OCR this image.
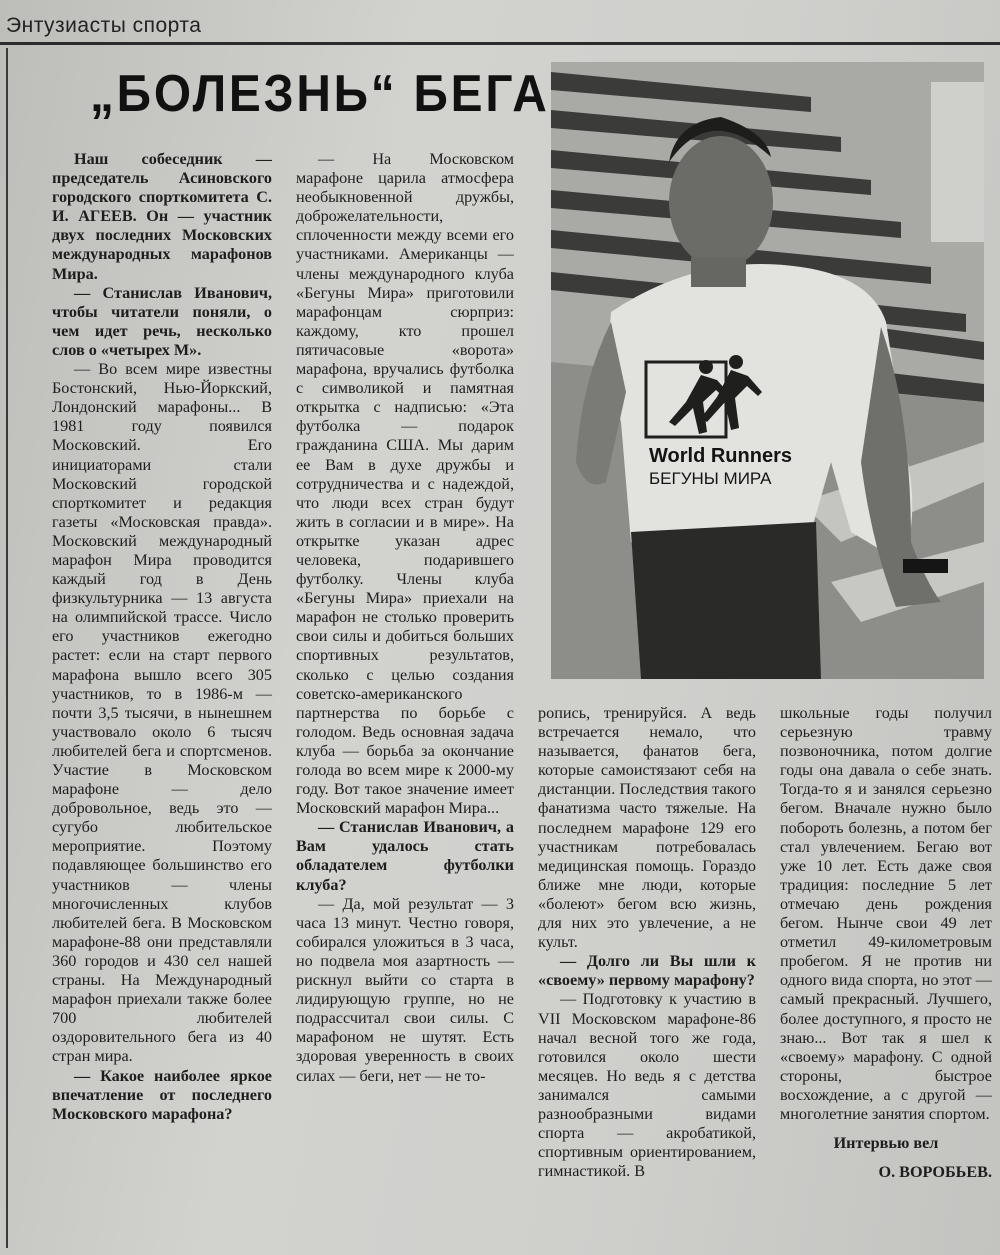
Энтузиасты спорта
„БОЛЕЗНЬ“ БЕГА

Наш собеседник — председатель Асиновского городского спорткомитета С. И. АГЕЕВ. Он — участник двух последних Московских международных марафонов Мира.

— Станислав Иванович, чтобы читатели поняли, о чем идет речь, несколько слов о «четырех М».

— Во всем мире известны Бостонский, Нью-Йоркский, Лондонский марафоны... В 1981 году появился Московский. Его инициаторами стали Московский городской спорткомитет и редакция газеты «Московская правда». Московский международный марафон Мира проводится каждый год в День физкультурника — 13 августа на олимпийской трассе. Число его участников ежегодно растет: если на старт первого марафона вышло всего 305 участников, то в 1986-м — почти 3,5 тысячи, в нынешнем участвовало около 6 тысяч любителей бега и спортсменов. Участие в Московском марафоне — дело добровольное, ведь это — сугубо любительское мероприятие. Поэтому подавляющее большинство его участников — члены многочисленных клубов любителей бега. В Московском марафоне-88 они представляли 360 городов и 430 сел нашей страны. На Международный марафон приехали также более 700 любителей оздоровительного бега из 40 стран мира.

— Какое наиболее яркое впечатление от последнего Московского марафона?

— На Московском марафоне царила атмосфера необыкновенной дружбы, доброжелательности, сплоченности между всеми его участниками. Американцы — члены международного клуба «Бегуны Мира» приготовили марафонцам сюрприз: каждому, кто прошел пятичасовые «ворота» марафона, вручались футболка с символикой и памятная открытка с надписью: «Эта футболка — подарок гражданина США. Мы дарим ее Вам в духе дружбы и сотрудничества и с надеждой, что люди всех стран будут жить в согласии и в мире». На открытке указан адрес человека, подарившего футболку. Члены клуба «Бегуны Мира» приехали на марафон не столько проверить свои силы и добиться больших спортивных результатов, сколько с целью создания советско-американского партнерства по борьбе с голодом. Ведь основная задача клуба — борьба за окончание голода во всем мире к 2000-му году. Вот такое значение имеет Московский марафон Мира...

— Станислав Иванович, а Вам удалось стать обладателем футболки клуба?

— Да, мой результат — 3 часа 13 минут. Честно говоря, собирался уложиться в 3 часа, но подвела моя азартность — рискнул выйти со старта в лидирующую группе, но не подрассчитал свои силы. С марафоном не шутят. Есть здоровая уверенность в своих силах — беги, нет — не то-

World Runners
БЕГУНЫ МИРА

ропись, тренируйся. А ведь встречается немало, что называется, фанатов бега, которые самоистязают себя на дистанции. Последствия такого фанатизма часто тяжелые. На последнем марафоне 129 его участникам потребовалась медицинская помощь. Гораздо ближе мне люди, которые «болеют» бегом всю жизнь, для них это увлечение, а не культ.

— Долго ли Вы шли к «своему» первому марафону?

— Подготовку к участию в VII Московском марафоне-86 начал весной того же года, готовился около шести месяцев. Но ведь я с детства занимался самыми разнообразными видами спорта — акробатикой, спортивным ориентированием, гимнастикой. В

школьные годы получил серьезную травму позвоночника, потом долгие годы она давала о себе знать. Тогда-то я и занялся серьезно бегом. Вначале нужно было побороть болезнь, а потом бег стал увлечением. Бегаю вот уже 10 лет. Есть даже своя традиция: последние 5 лет отмечаю день рождения бегом. Нынче свои 49 лет отметил 49-километровым пробегом. Я не против ни одного вида спорта, но этот — самый прекрасный. Лучшего, более доступного, я просто не знаю... Вот так я шел к «своему» марафону. С одной стороны, быстрое восхождение, а с другой — многолетние занятия спортом.

Интервью вел
О. ВОРОБЬЕВ.
